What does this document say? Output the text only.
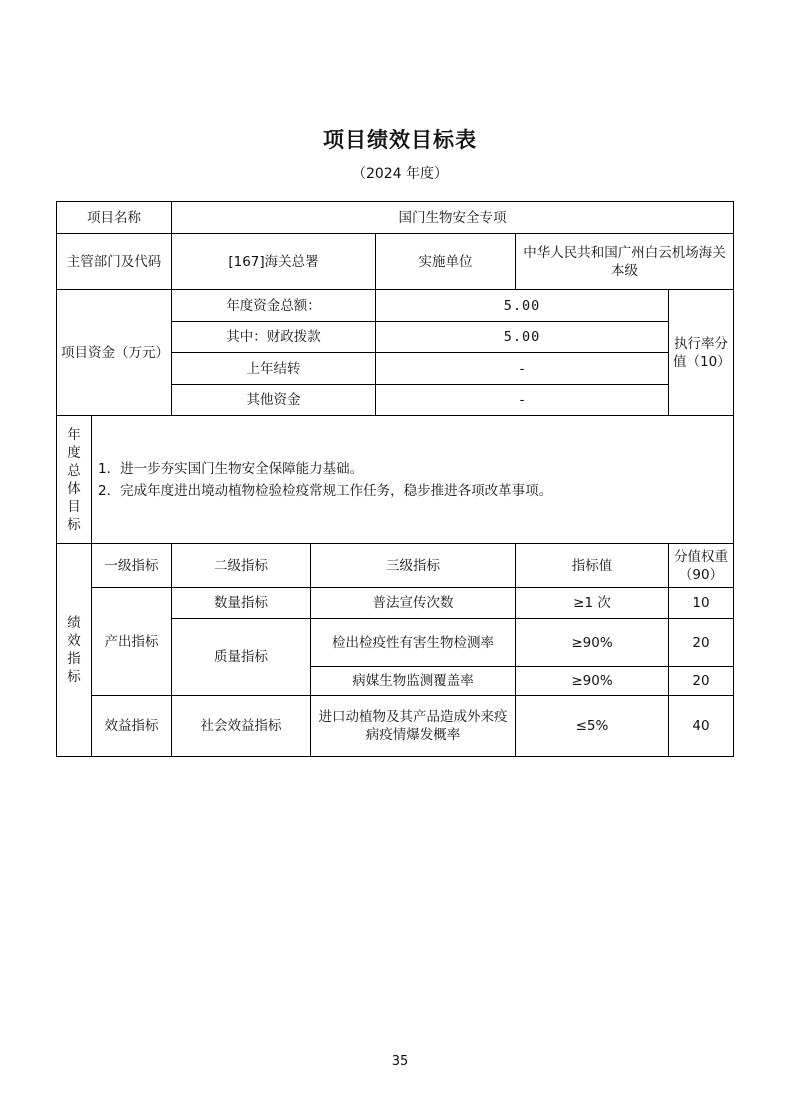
项目绩效目标表
（2024 年度）
项目名称		国门生物安全专项				
主管部门及代码		[167]海关总署		实施单位	中华人民共和国广州白云机场海关本级	
项目资金（万元）		年度资金总额：		5.00		执行率分值（10）
		其中：财政拨款		5.00		
		上年结转		-		
		其他资金		-		
年度总体目标	1．进一步夯实国门生物安全保障能力基础。
2．完成年度进出境动植物检验检疫常规工作任务，稳步推进各项改革事项。					

绩效指标	一级指标	二级指标	三级指标		指标值	分值权重（90）
	产出指标	数量指标	普法宣传次数		≥1 次	10
		质量指标	检出检疫性有害生物检测率		≥90%	20
			病媒生物监测覆盖率		≥90%	20
	效益指标	社会效益指标	进口动植物及其产品造成外来疫病疫情爆发概率		≤5%	40
35
